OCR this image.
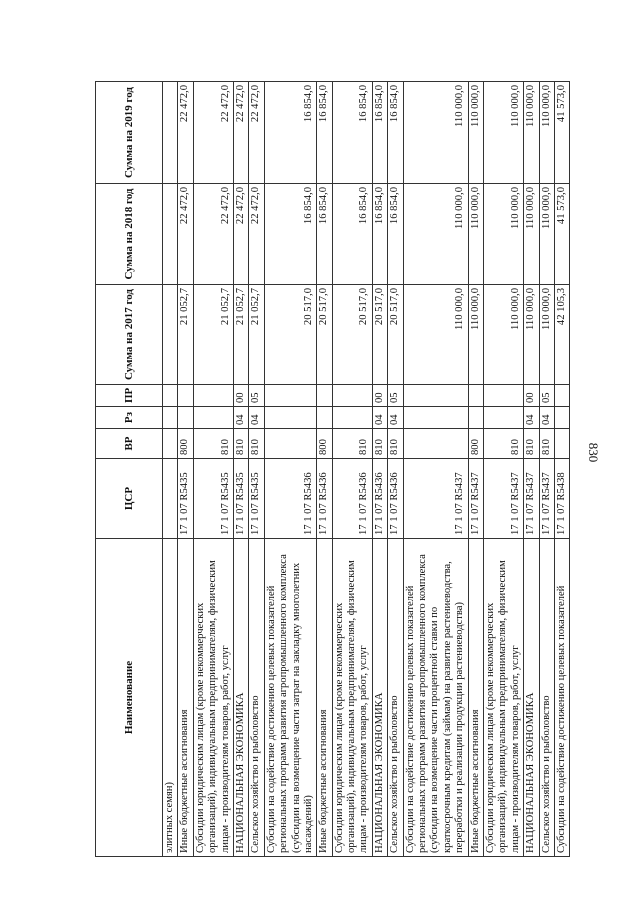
830
Наименование	ЦСР	ВР	Рз	ПР	Сумма на 2017 год	Сумма на 2018 год	Сумма на 2019 год
элитных семян)							
Иные бюджетные ассигнования	17 1 07 R5435	800			21 052,7	22 472,0	22 472,0
Субсидии юридическим лицам (кроме некоммерческих организаций), индивидуальным предпринимателям, физическим лицам - производителям товаров, работ, услуг	17 1 07 R5435	810			21 052,7	22 472,0	22 472,0
НАЦИОНАЛЬНАЯ ЭКОНОМИКА	17 1 07 R5435	810	04	00	21 052,7	22 472,0	22 472,0
Сельское хозяйство и рыболовство	17 1 07 R5435	810	04	05	21 052,7	22 472,0	22 472,0
Субсидии на содействие достижению целевых показателей региональных программ развития агропромышленного комплекса (субсидии на возмещение части затрат на закладку многолетних насаждений)	17 1 07 R5436				20 517,0	16 854,0	16 854,0
Иные бюджетные ассигнования	17 1 07 R5436	800			20 517,0	16 854,0	16 854,0
Субсидии юридическим лицам (кроме некоммерческих организаций), индивидуальным предпринимателям, физическим лицам - производителям товаров, работ, услуг	17 1 07 R5436	810			20 517,0	16 854,0	16 854,0
НАЦИОНАЛЬНАЯ ЭКОНОМИКА	17 1 07 R5436	810	04	00	20 517,0	16 854,0	16 854,0
Сельское хозяйство и рыболовство	17 1 07 R5436	810	04	05	20 517,0	16 854,0	16 854,0
Субсидии на содействие достижению целевых показателей региональных программ развития агропромышленного комплекса (субсидии на возмещение части процентной ставки по краткосрочным кредитам (займам) на развитие растениеводства, переработки и реализации продукции растениеводства)	17 1 07 R5437				110 000,0	110 000,0	110 000,0
Иные бюджетные ассигнования	17 1 07 R5437	800			110 000,0	110 000,0	110 000,0
Субсидии юридическим лицам (кроме некоммерческих организаций), индивидуальным предпринимателям, физическим лицам - производителям товаров, работ, услуг	17 1 07 R5437	810			110 000,0	110 000,0	110 000,0
НАЦИОНАЛЬНАЯ ЭКОНОМИКА	17 1 07 R5437	810	04	00	110 000,0	110 000,0	110 000,0
Сельское хозяйство и рыболовство	17 1 07 R5437	810	04	05	110 000,0	110 000,0	110 000,0
Субсидии на содействие достижению целевых показателей	17 1 07 R5438				42 105,3	41 573,0	41 573,0
